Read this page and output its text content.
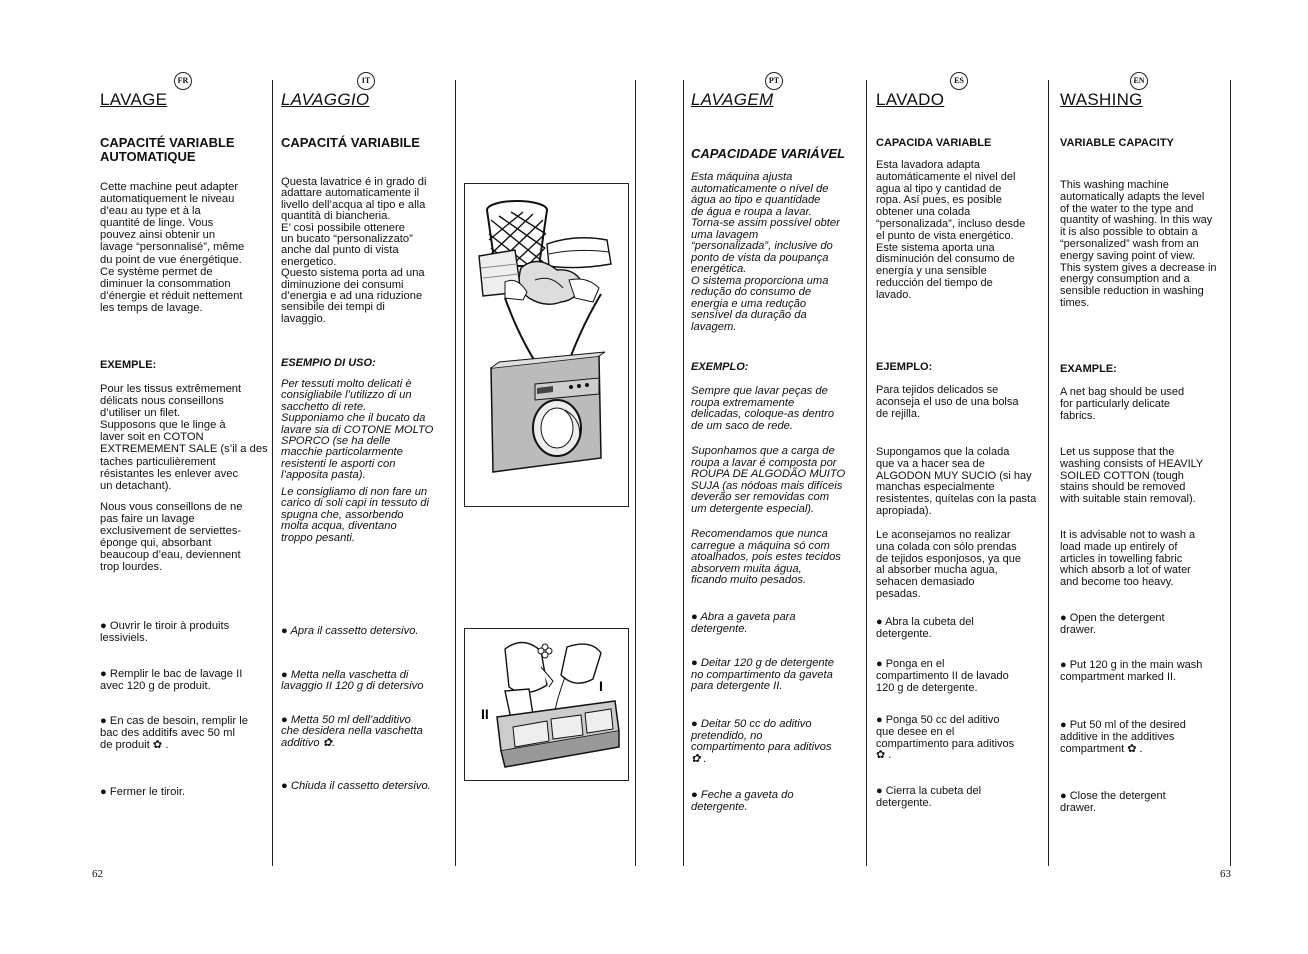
FR	IT	PT	ES	EN
LAVAGE
CAPACITÉ VARIABLE
AUTOMATIQUE

Cette machine peut adapter
automatiquement le niveau
d’eau au type et à la
quantité de linge. Vous
pouvez ainsi obtenir un
lavage “personnalisé”, même
du point de vue énergétique.
Ce système permet de
diminuer la consommation
d’énergie et réduit nettement
les temps de lavage.

EXEMPLE:

Pour les tissus extrêmement
délicats nous conseillons
d’utiliser un filet.
Supposons que le linge à
laver soit en COTON
EXTREMEMENT SALE (s’il a des
taches particulièrement
résistantes les enlever avec
un detachant).

Nous vous conseillons de ne
pas faire un lavage
exclusivement de serviettes-
éponge qui, absorbant
beaucoup d’eau, deviennent
trop lourdes.

● Ouvrir le tiroir à produits
lessiviels.

● Remplir le bac de lavage II
avec 120 g de produit.

● En cas de besoin, remplir le
bac des additifs avec 50 ml
de produit ✿ .

● Fermer le tiroir.

LAVAGGIO
CAPACITÁ VARIABILE

Questa lavatrice é in grado di
adattare automaticamente il
livello dell’acqua al tipo e alla
quantità di biancheria.
E’ così possibile ottenere
un bucato “personalizzato”
anche dal punto di vista
energetico.
Questo sistema porta ad una
diminuzione dei consumi
d’energia e ad una riduzione
sensibile dei tempi di
lavaggio.

ESEMPIO DI USO:

Per tessuti molto delicati è
consigliabile l’utilizzo di un
sacchetto di rete.
Supponiamo che il bucato da
lavare sia di COTONE MOLTO
SPORCO (se ha delle
macchie particolarmente
resistenti le asporti con
l’apposita pasta).

Le consigliamo di non fare un
carico di soli capi in tessuto di
spugna che, assorbendo
molta acqua, diventano
troppo pesanti.

● Apra il cassetto detersivo.

● Metta nella vaschetta di
lavaggio II 120 g di detersivo

● Metta 50 ml dell’additivo
che desidera nella vaschetta
additivo ✿.

● Chiuda il cassetto detersivo.

II
I
LAVAGEM
CAPACIDADE VARIÁVEL

Esta máquina ajusta
automaticamente o nível de
água ao tipo e quantidade
de água e roupa a lavar.
Torna-se assim possível obter
uma lavagem
“personalizada”, inclusive do
ponto de vista da poupança
energética.
O sistema proporciona uma
redução do consumo de
energia e uma redução
sensível da duração da
lavagem.

EXEMPLO:

Sempre que lavar peças de
roupa extremamente
delicadas, coloque-as dentro
de um saco de rede.

Suponhamos que a carga de
roupa a lavar é composta por
ROUPA DE ALGODÃO MUITO
SUJA (as nódoas mais difíceis
deverão ser removidas com
um detergente especial).

Recomendamos que nunca
carregue a máquina só com
atoalhados, pois estes tecidos
absorvem muita água,
ficando muito pesados.

● Abra a gaveta para
detergente.

● Deitar 120 g de detergente
no compartimento da gaveta
para detergente II.

● Deitar 50 cc do aditivo
pretendido, no
compartimento para aditivos
✿ .

● Feche a gaveta do
detergente.

LAVADO
CAPACIDA VARIABLE

Esta lavadora adapta
automáticamente el nivel del
agua al tipo y cantidad de
ropa. Así pues, es posible
obtener una colada
“personalizada”, incluso desde
el punto de vista energético.
Este sistema aporta una
disminución del consumo de
energía y una sensible
reducción del tiempo de
lavado.

EJEMPLO:

Para tejidos delicados se
aconseja el uso de una bolsa
de rejilla.

Supongamos que la colada
que va a hacer sea de
ALGODON MUY SUCIO (si hay
manchas especialmente
resistentes, quítelas con la pasta
apropiada).

Le aconsejamos no realizar
una colada con sólo prendas
de tejidos esponjosos, ya que
al absorber mucha agua,
sehacen demasiado
pesadas.

● Abra la cubeta del
detergente.

● Ponga en el
compartimento II de lavado
120 g de detergente.

● Ponga 50 cc del aditivo
que desee en el
compartimento para aditivos
✿ .

● Cierra la cubeta del
detergente.

WASHING
VARIABLE CAPACITY

This washing machine
automatically adapts the level
of the water to the type and
quantity of washing. In this way
it is also possible to obtain a
“personalized” wash from an
energy saving point of view.
This system gives a decrease in
energy consumption and a
sensible reduction in washing
times.

EXAMPLE:

A net bag should be used
for particularly delicate
fabrics.

Let us suppose that the
washing consists of HEAVILY
SOILED COTTON (tough
stains should be removed
with suitable stain removal).

It is advisable not to wash a
load made up entirely of
articles in towelling fabric
which absorb a lot of water
and become too heavy.

● Open the detergent
drawer.

● Put 120 g in the main wash
compartment marked II.

● Put 50 ml of the desired
additive in the additives
compartment ✿ .

● Close the detergent
drawer.

62	63
